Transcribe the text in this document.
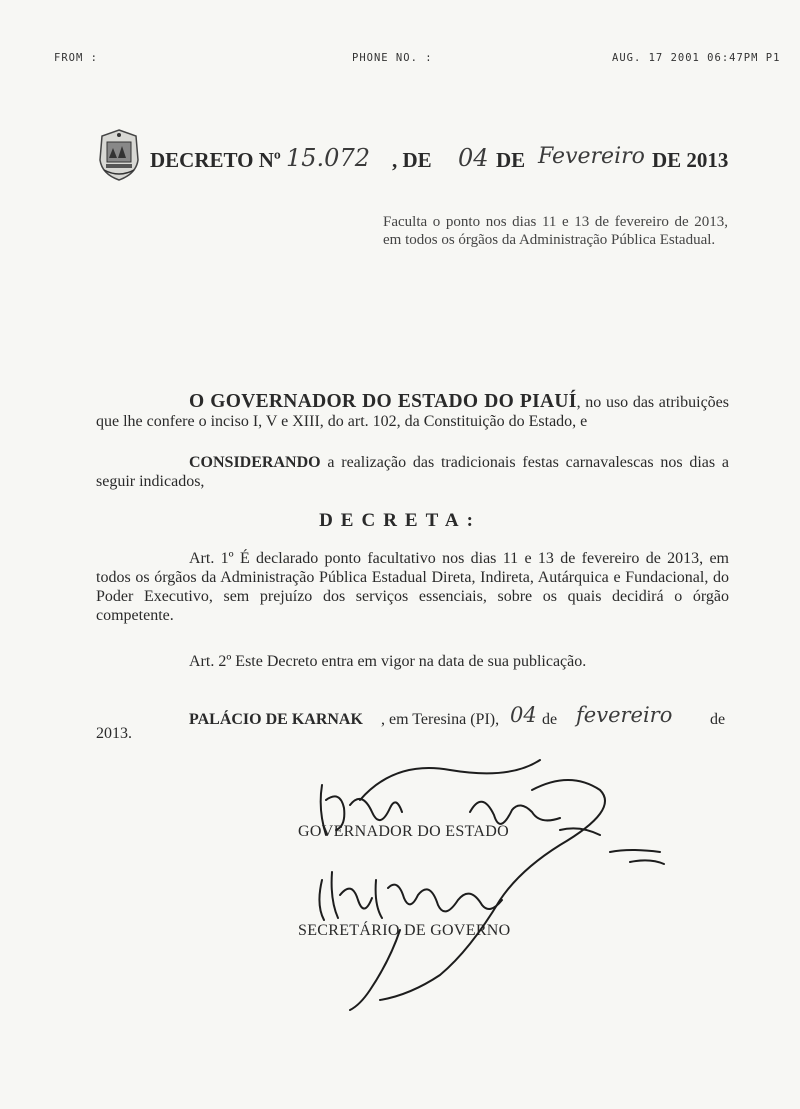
FROM :	PHONE NO. :	AUG. 17 2001 06:47PM P1
DECRETO Nº 15.072 , DE 04 DE Fevereiro DE 2013
Faculta o ponto nos dias 11 e 13 de fevereiro de 2013, em todos os órgãos da Administração Pública Estadual.
O GOVERNADOR DO ESTADO DO PIAUÍ, no uso das atribuições que lhe confere o inciso I, V e XIII, do art. 102, da Constituição do Estado, e
CONSIDERANDO a realização das tradicionais festas carnavalescas nos dias a seguir indicados,
DECRETA:
Art. 1º É declarado ponto facultativo nos dias 11 e 13 de fevereiro de 2013, em todos os órgãos da Administração Pública Estadual Direta, Indireta, Autárquica e Fundacional, do Poder Executivo, sem prejuízo dos serviços essenciais, sobre os quais decidirá o órgão competente.
Art. 2º Este Decreto entra em vigor na data de sua publicação.
PALÁCIO DE KARNAK , em Teresina (PI), 04 de fevereiro de
2013.
GOVERNADOR DO ESTADO
SECRETÁRIO DE GOVERNO
